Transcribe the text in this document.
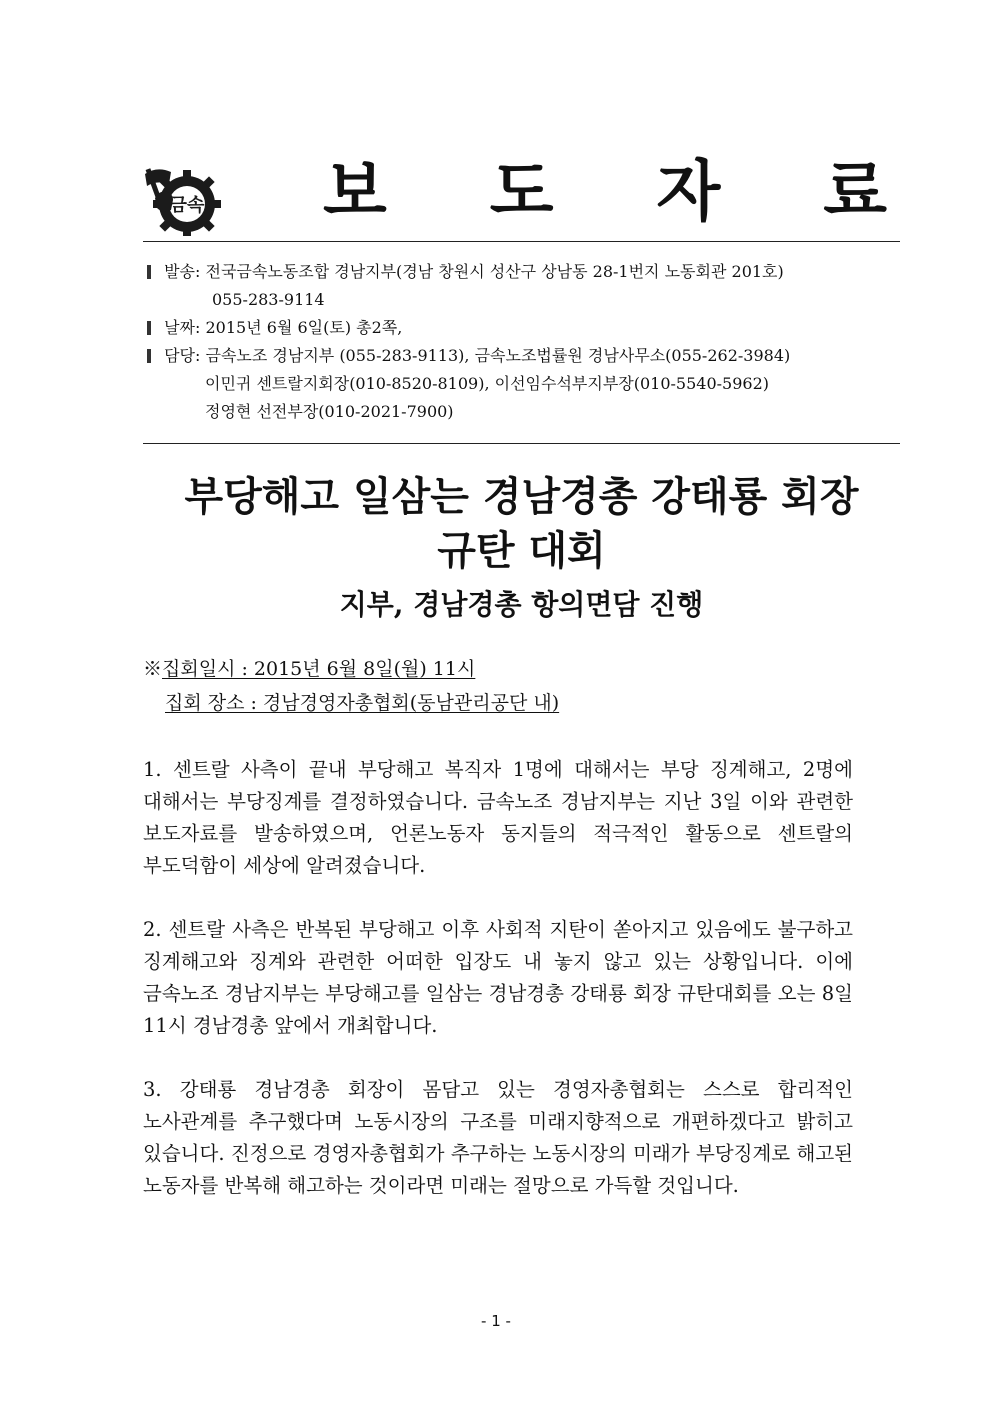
금속 보 도 자 료
발송: 전국금속노동조합 경남지부(경남 창원시 성산구 상남동 28-1번지 노동회관 201호)
055-283-9114
날짜: 2015년 6월 6일(토) 총2쪽,
담당: 금속노조 경남지부 (055-283-9113), 금속노조법률원 경남사무소(055-262-3984)
이민귀 센트랄지회장(010-8520-8109), 이선임수석부지부장(010-5540-5962)
정영현 선전부장(010-2021-7900)
부당해고 일삼는 경남경총 강태룡 회장
규탄 대회
지부, 경남경총 항의면담 진행
※집회일시 : 2015년 6월 8일(월) 11시
집회 장소 : 경남경영자총협회(동남관리공단 내)

1. 센트랄 사측이 끝내 부당해고 복직자 1명에 대해서는 부당 징계해고, 2명에 대해서는 부당징계를 결정하였습니다. 금속노조 경남지부는 지난 3일 이와 관련한 보도자료를 발송하였으며, 언론노동자 동지들의 적극적인 활동으로 센트랄의 부도덕함이 세상에 알려졌습니다.

2. 센트랄 사측은 반복된 부당해고 이후 사회적 지탄이 쏟아지고 있음에도 불구하고 징계해고와 징계와 관련한 어떠한 입장도 내 놓지 않고 있는 상황입니다. 이에 금속노조 경남지부는 부당해고를 일삼는 경남경총 강태룡 회장 규탄대회를 오는 8일 11시 경남경총 앞에서 개최합니다.

3. 강태룡 경남경총 회장이 몸담고 있는 경영자총협회는 스스로 합리적인 노사관계를 추구했다며 노동시장의 구조를 미래지향적으로 개편하겠다고 밝히고 있습니다. 진정으로 경영자총협회가 추구하는 노동시장의 미래가 부당징계로 해고된 노동자를 반복해 해고하는 것이라면 미래는 절망으로 가득할 것입니다.

- 1 -
